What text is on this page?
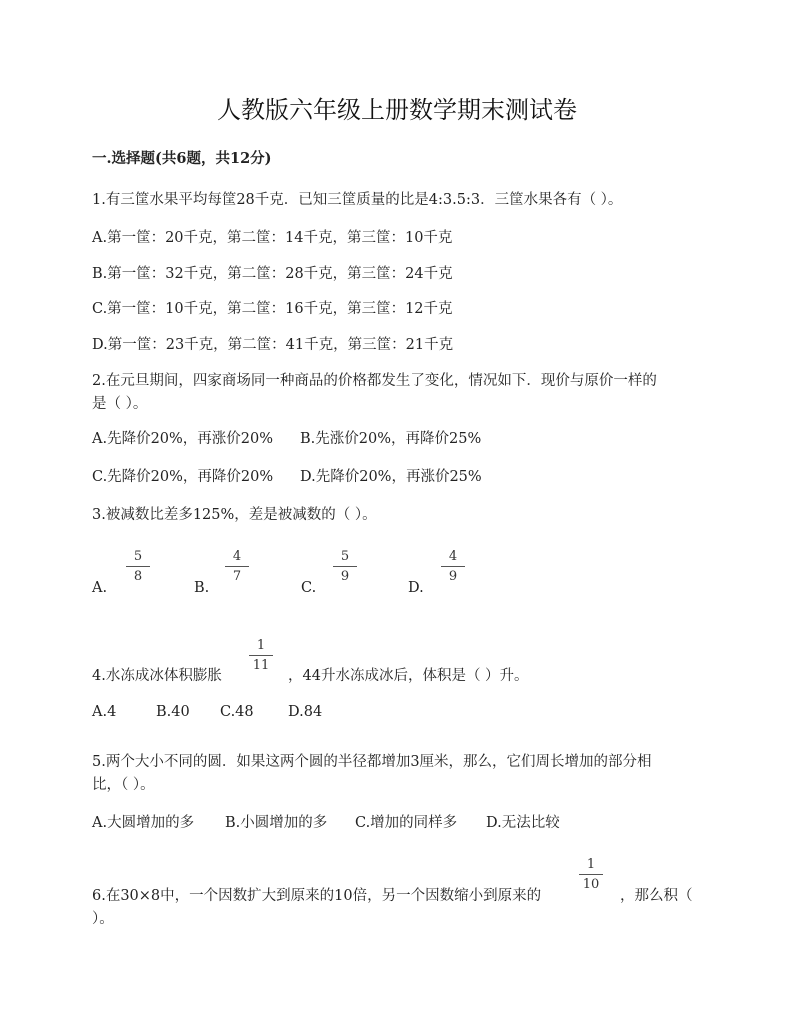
人教版六年级上册数学期末测试卷
一.选择题(共6题，共12分)
1.有三筐水果平均每筐28千克．已知三筐质量的比是4:3.5:3．三筐水果各有（ ）。
A.第一筐：20千克，第二筐：14千克，第三筐：10千克
B.第一筐：32千克，第二筐：28千克，第三筐：24千克
C.第一筐：10千克，第二筐：16千克，第三筐：12千克
D.第一筐：23千克，第二筐：41千克，第三筐：21千克
2.在元旦期间，四家商场同一种商品的价格都发生了变化，情况如下．现价与原价一样的
是（ ）。
A.先降价20%，再涨价20% B.先涨价20%，再降价25%
C.先降价20%，再降价20% D.先降价20%，再涨价25%
3.被减数比差多125%，差是被减数的（ ）。
A.
5
8
B.
4
7
C.
5
9
D.
4
9
4.水冻成冰体积膨胀
1
11
，44升水冻成冰后，体积是（ ）升。
A.4	B.40 C.48 D.84
5.两个大小不同的圆．如果这两个圆的半径都增加3厘米，那么，它们周长增加的部分相
比，（ ）。
A.大圆增加的多 B.小圆增加的多 C.增加的同样多 D.无法比较
6.在30×8中，一个因数扩大到原来的10倍，另一个因数缩小到原来的
1
10
，那么积（
）。
